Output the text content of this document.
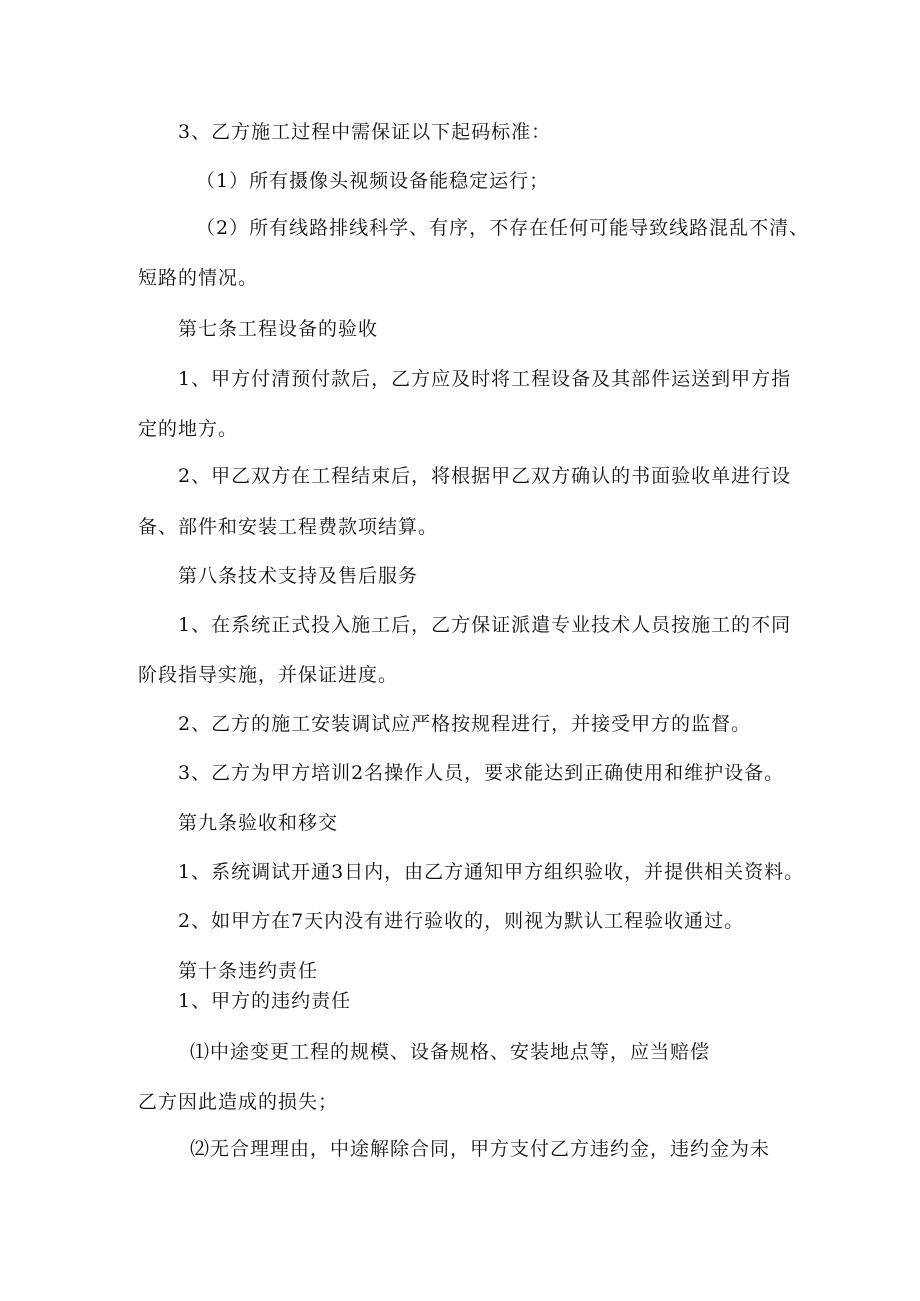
3、乙方施工过程中需保证以下起码标准：

（1）所有摄像头视频设备能稳定运行；

（2）所有线路排线科学、有序，不存在任何可能导致线路混乱不清、

短路的情况。

第七条工程设备的验收

1、甲方付清预付款后，乙方应及时将工程设备及其部件运送到甲方指

定的地方。

2、甲乙双方在工程结束后，将根据甲乙双方确认的书面验收单进行设

备、部件和安装工程费款项结算。

第八条技术支持及售后服务

1、在系统正式投入施工后，乙方保证派遣专业技术人员按施工的不同

阶段指导实施，并保证进度。

2、乙方的施工安装调试应严格按规程进行，并接受甲方的监督。

3、乙方为甲方培训2名操作人员，要求能达到正确使用和维护设备。

第九条验收和移交

1、系统调试开通3日内，由乙方通知甲方组织验收，并提供相关资料。

2、如甲方在7天内没有进行验收的，则视为默认工程验收通过。

第十条违约责任

1、甲方的违约责任

⑴中途变更工程的规模、设备规格、安装地点等，应当赔偿

乙方因此造成的损失；

⑵无合理理由，中途解除合同，甲方支付乙方违约金，违约金为未
